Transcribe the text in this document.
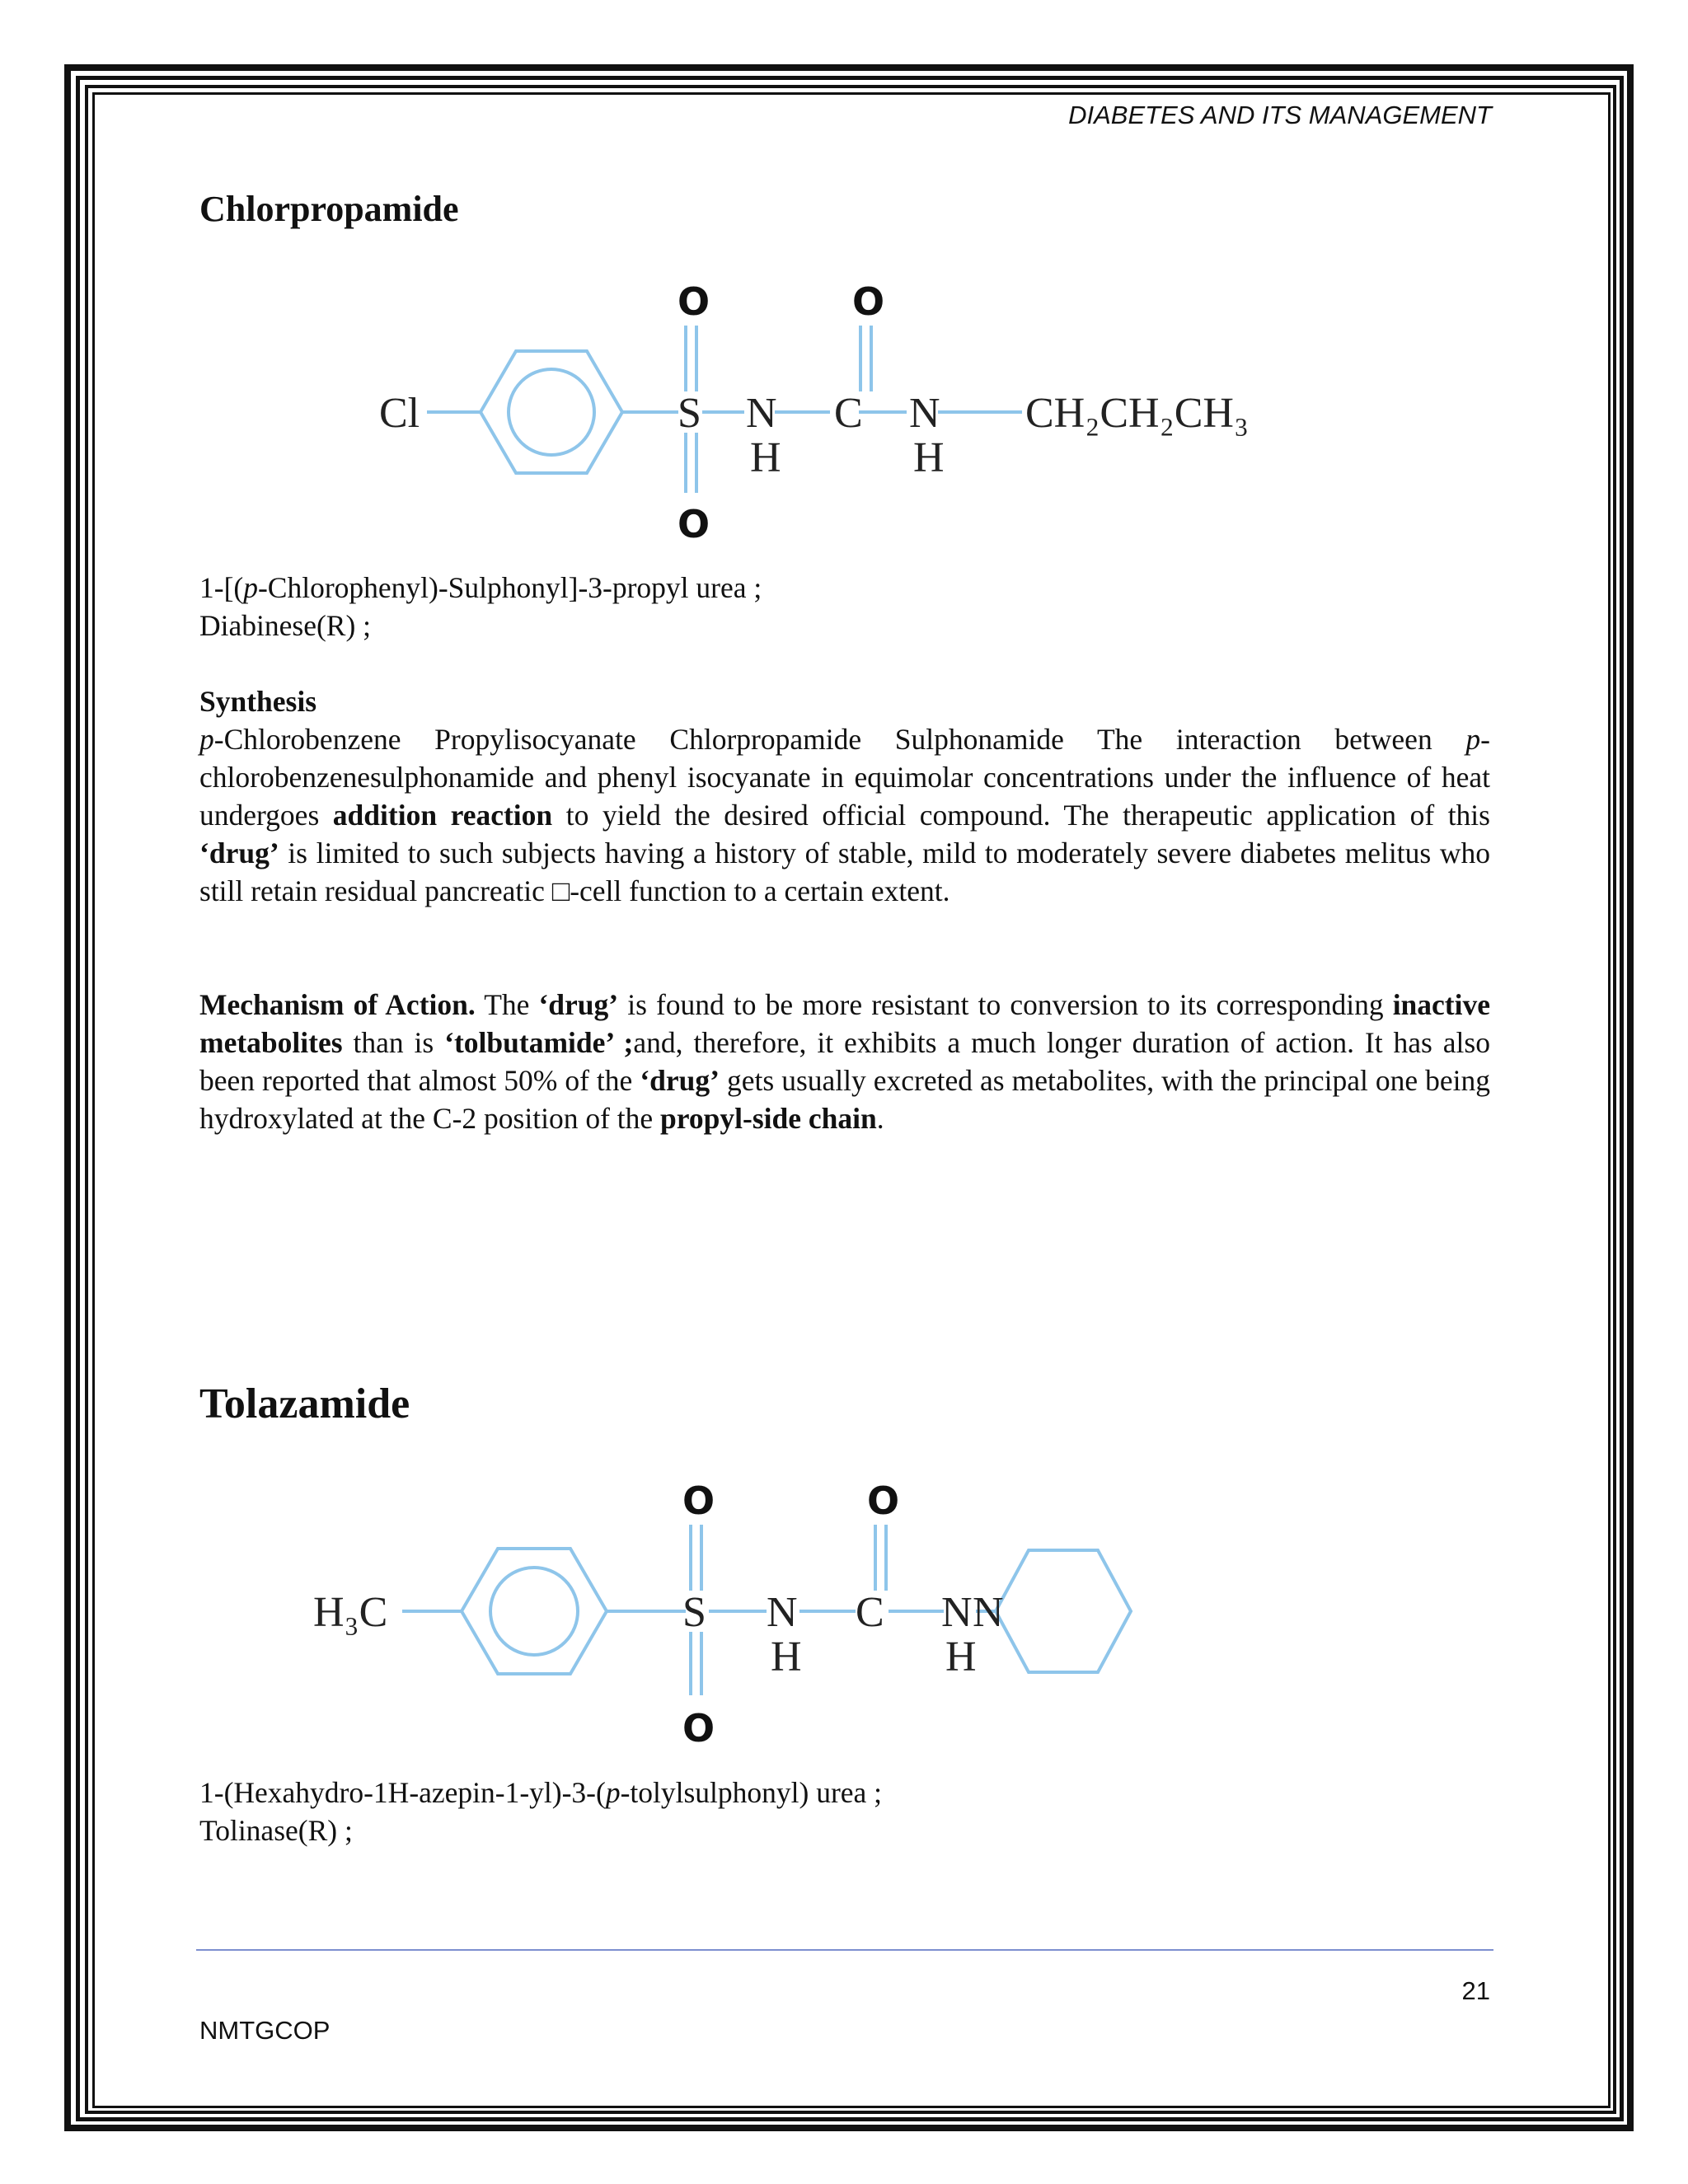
DIABETES AND ITS MANAGEMENT
Chlorpropamide
Cl	S N
H
C N
H
CH₂CH₂CH₃
O	O
O

1-[(p-Chlorophenyl)-Sulphonyl]-3-propyl urea ;

Diabinese(R) ;

Synthesis

p-Chlorobenzene Propylisocyanate Chlorpropamide Sulphonamide The interaction between p-chlorobenzenesulphonamide and phenyl isocyanate in equimolar concentrations under the influence of heat undergoes addition reaction to yield the desired official compound. The therapeutic application of this ‘drug’ is limited to such subjects having a history of stable, mild to moderately severe diabetes melitus who still retain residual pancreatic □-cell function to a certain extent.

Mechanism of Action. The ‘drug’ is found to be more resistant to conversion to its corresponding inactive metabolites than is ‘tolbutamide’ ;and, therefore, it exhibits a much longer duration of action. It has also been reported that almost 50% of the ‘drug’ gets usually excreted as metabolites, with the principal one being hydroxylated at the C-2 position of the propyl-side chain.

Tolazamide
H₃C	S N
H
C N
H
N
O	O
O

1-(Hexahydro-1H-azepin-1-yl)-3-(p-tolylsulphonyl) urea ;

Tolinase(R) ;

21
NMTGCOP
